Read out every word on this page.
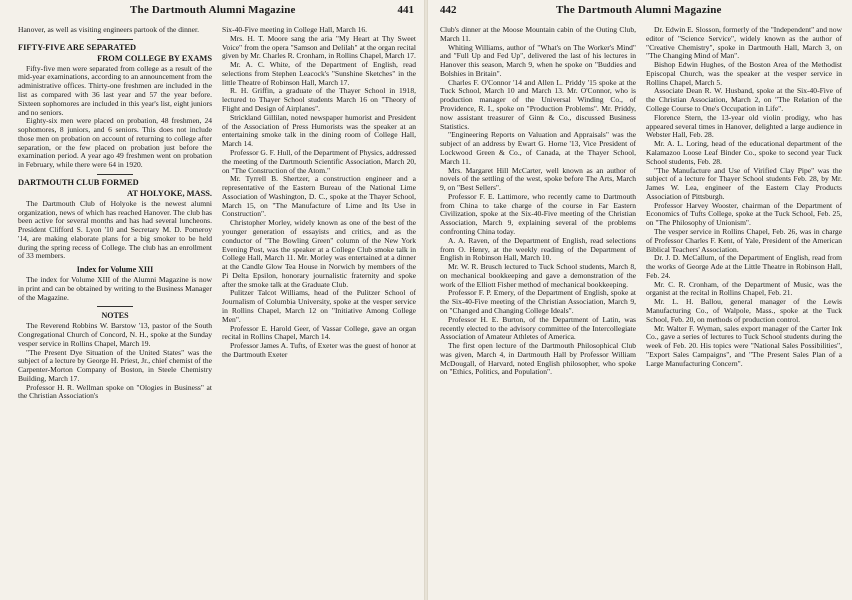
The Dartmouth Alumni Magazine	441

Hanover, as well as visiting engineers partook of the dinner.

FIFTY-FIVE ARE SEPARATED
FROM COLLEGE BY EXAMS

Fifty-five men were separated from college as a result of the mid-year examinations, according to an announcement from the administrative offices. Thirty-one freshmen are included in the list as compared with 36 last year and 57 the year before. Sixteen sophomores are included in this year's list, eight juniors and no seniors.

Eighty-six men were placed on probation, 48 freshmen, 24 sophomores, 8 juniors, and 6 seniors. This does not include those men on probation on account of returning to college after separation, or the few placed on probation just before the examination period. A year ago 49 freshmen went on probation in February, while there were 64 in 1920.

DARTMOUTH CLUB FORMED
AT HOLYOKE, MASS.

The Dartmouth Club of Holyoke is the newest alumni organization, news of which has reached Hanover. The club has been active for several months and has had several luncheons. President Clifford S. Lyon '10 and Secretary M. D. Pomeroy '14, are making elaborate plans for a big smoker to be held during the spring recess of College. The club has an enrollment of 33 members.

Index for Volume XIII

The index for Volume XIII of the Alumni Magazine is now in print and can be obtained by writing to the Business Manager of the Magazine.

NOTES

The Reverend Robbins W. Barstow '13, pastor of the South Congregational Church of Concord, N. H., spoke at the Sunday vesper service in Rollins Chapel, March 19.

"The Present Dye Situation of the United States" was the subject of a lecture by George H. Priest, Jr., chief chemist of the Carpenter-Morton Company of Boston, in Steele Chemistry Building, March 17.

Professor H. R. Wellman spoke on "Ologies in Business" at the Christian Association's

Six-40-Five meeting in College Hall, March 16.

Mrs. H. T. Moore sang the aria "My Heart at Thy Sweet Voice" from the opera "Samson and Delilah" at the organ recital given by Mr. Charles R. Cronham, in Rollins Chapel, March 17.

Mr. A. C. White, of the Department of English, read selections from Stephen Leacock's "Sunshine Sketches" in the little Theatre of Robinson Hall, March 17.

R. H. Griffin, a graduate of the Thayer School in 1918, lectured to Thayer School students March 16 on "Theory of Flight and Design of Airplanes".

Strickland Gillilan, noted newspaper humorist and President of the Association of Press Humorists was the speaker at an entertaining smoke talk in the dining room of College Hall, March 14.

Professor G. F. Hull, of the Department of Physics, addressed the meeting of the Dartmouth Scientific Association, March 20, on "The Construction of the Atom."

Mr. Tyrrell B. Shertzer, a construction engineer and a representative of the Eastern Bureau of the National Lime Association of Washington, D. C., spoke at the Thayer School, March 15, on "The Manufacture of Lime and Its Use in Construction".

Christopher Morley, widely known as one of the best of the younger generation of essayists and critics, and as the conductor of "The Bowling Green" column of the New York Evening Post, was the speaker at a College Club smoke talk in College Hall, March 11. Mr. Morley was entertained at a dinner at the Candle Glow Tea House in Norwich by members of the Pi Delta Epsilon, honorary journalistic fraternity and spoke after the smoke talk at the Graduate Club.

Pulitzer Talcot Williams, head of the Pulitzer School of Journalism of Columbia University, spoke at the vesper service in Rollins Chapel, March 12 on "Initiative Among College Men".

Professor E. Harold Geer, of Vassar College, gave an organ recital in Rollins Chapel, March 14.

Professor James A. Tufts, of Exeter was the guest of honor at the Dartmouth Exeter

442	The Dartmouth Alumni Magazine

Club's dinner at the Moose Mountain cabin of the Outing Club, March 11.

Whiting Williams, author of "What's on The Worker's Mind" and "Full Up and Fed Up", delivered the last of his lectures in Hanover this season, March 9, when he spoke on "Buddies and Bolshies in Britain".

Charles F. O'Connor '14 and Allen L. Priddy '15 spoke at the Tuck School, March 10 and March 13. Mr. O'Connor, who is production manager of the Universal Winding Co., of Providence, R. I., spoke on "Production Problems". Mr. Priddy, now assistant treasurer of Ginn & Co., discussed Business Statistics.

"Engineering Reports on Valuation and Appraisals" was the subject of an address by Ewart G. Horne '13, Vice President of Lockwood Green & Co., of Canada, at the Thayer School, March 11.

Mrs. Margaret Hill McCarter, well known as an author of novels of the settling of the west, spoke before The Arts, March 9, on "Best Sellers".

Professor F. E. Lattimore, who recently came to Dartmouth from China to take charge of the course in Far Eastern Civilization, spoke at the Six-40-Five meeting of the Christian Association, March 9, explaining several of the problems confronting China today.

A. A. Raven, of the Department of English, read selections from O. Henry, at the weekly reading of the Department of English in Robinson Hall, March 10.

Mr. W. R. Brusch lectured to Tuck School students, March 8, on mechanical bookkeeping and gave a demonstration of the work of the Elliott Fisher method of mechanical bookkeeping.

Professor F. P. Emery, of the Department of English, spoke at the Six-40-Five meeting of the Christian Association, March 9, on "Changed and Changing College Ideals".

Professor H. E. Burton, of the Department of Latin, was recently elected to the advisory committee of the Intercollegiate Association of Amateur Athletes of America.

The first open lecture of the Dartmouth Philosophical Club was given, March 4, in Dartmouth Hall by Professor William McDougall, of Harvard, noted English philosopher, who spoke on "Ethics, Politics, and Population".

Dr. Edwin E. Slosson, formerly of the "Independent" and now editor of "Science Service", widely known as the author of "Creative Chemistry", spoke in Dartmouth Hall, March 3, on "The Changing Mind of Man".

Bishop Edwin Hughes, of the Boston Area of the Methodist Episcopal Church, was the speaker at the vesper service in Rollins Chapel, March 5.

Associate Dean R. W. Husband, spoke at the Six-40-Five of the Christian Association, March 2, on "The Relation of the College Course to One's Occupation in Life".

Florence Stern, the 13-year old violin prodigy, who has appeared several times in Hanover, delighted a large audience in Webster Hall, Feb. 28.

Mr. A. L. Loring, head of the educational department of the Kalamazoo Loose Leaf Binder Co., spoke to second year Tuck School students, Feb. 28.

"The Manufacture and Use of Virified Clay Pipe" was the subject of a lecture for Thayer School students Feb. 28, by Mr. James W. Lea, engineer of the Eastern Clay Products Association of Pittsburgh.

Professor Harvey Wooster, chairman of the Department of Economics of Tufts College, spoke at the Tuck School, Feb. 25, on "The Philosophy of Unionism".

The vesper service in Rollins Chapel, Feb. 26, was in charge of Professor Charles F. Kent, of Yale, President of the American Biblical Teachers' Association.

Dr. J. D. McCallum, of the Department of English, read from the works of George Ade at the Little Theatre in Robinson Hall, Feb. 24.

Mr. C. R. Cronham, of the Department of Music, was the organist at the recital in Rollins Chapel, Feb. 21.

Mr. L. H. Ballou, general manager of the Lewis Manufacturing Co., of Walpole, Mass., spoke at the Tuck School, Feb. 20, on methods of production control.

Mr. Walter F. Wyman, sales export manager of the Carter Ink Co., gave a series of lectures to Tuck School students during the week of Feb. 20. His topics were "National Sales Possibilities", "Export Sales Campaigns", and "The Present Sales Plan of a Large Manufacturing Concern".
